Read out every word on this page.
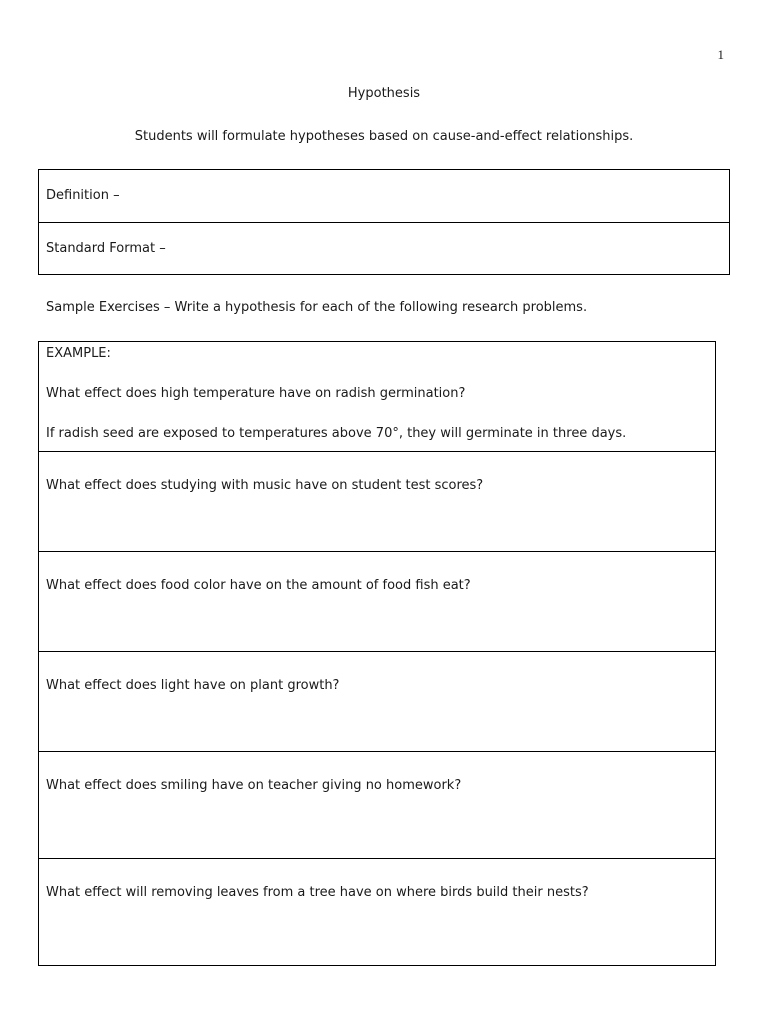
1
Hypothesis
Students will formulate hypotheses based on cause-and-effect relationships.
Definition –
Standard Format –
Sample Exercises – Write a hypothesis for each of the following research problems.
EXAMPLE:
What effect does high temperature have on radish germination?
If radish seed are exposed to temperatures above 70°, they will germinate in three days.
What effect does studying with music have on student test scores?
What effect does food color have on the amount of food fish eat?
What effect does light have on plant growth?
What effect does smiling have on teacher giving no homework?
What effect will removing leaves from a tree have on where birds build their nests?
